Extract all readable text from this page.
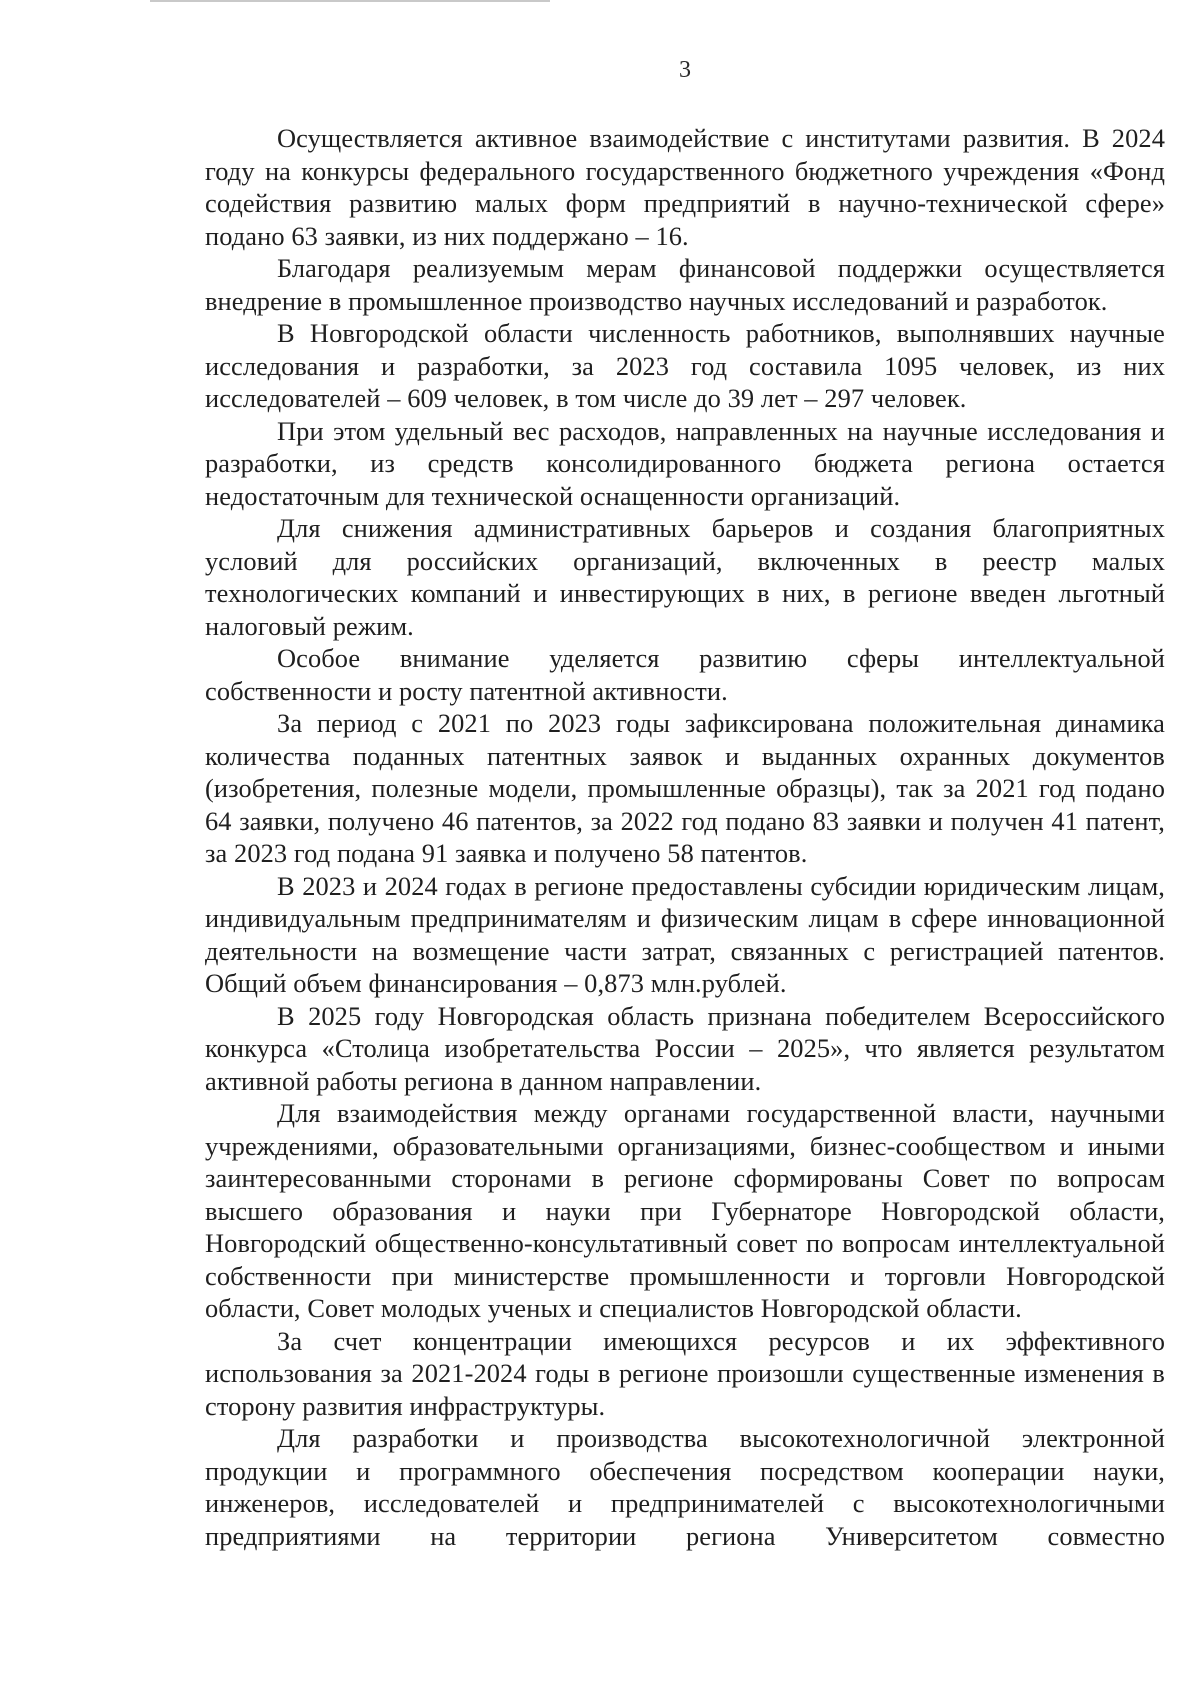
3

Осуществляется активное взаимодействие с институтами развития. В 2024 году на конкурсы федерального государственного бюджетного учреждения «Фонд содействия развитию малых форм предприятий в научно-технической сфере» подано 63 заявки, из них поддержано – 16.

Благодаря реализуемым мерам финансовой поддержки осуществляется внедрение в промышленное производство научных исследований и разработок.

В Новгородской области численность работников, выполнявших научные исследования и разработки, за 2023 год составила 1095 человек, из них исследователей – 609 человек, в том числе до 39 лет – 297 человек.

При этом удельный вес расходов, направленных на научные исследования и разработки, из средств консолидированного бюджета региона остается недостаточным для технической оснащенности организаций.

Для снижения административных барьеров и создания благоприятных условий для российских организаций, включенных в реестр малых технологических компаний и инвестирующих в них, в регионе введен льготный налоговый режим.

Особое внимание уделяется развитию сферы интеллектуальной собственности и росту патентной активности.

За период с 2021 по 2023 годы зафиксирована положительная динамика количества поданных патентных заявок и выданных охранных документов (изобретения, полезные модели, промышленные образцы), так за 2021 год подано 64 заявки, получено 46 патентов, за 2022 год подано 83 заявки и получен 41 патент, за 2023 год подана 91 заявка и получено 58 патентов.

В 2023 и 2024 годах в регионе предоставлены субсидии юридическим лицам, индивидуальным предпринимателям и физическим лицам в сфере инновационной деятельности на возмещение части затрат, связанных с регистрацией патентов. Общий объем финансирования – 0,873 млн.рублей.

В 2025 году Новгородская область признана победителем Всероссийского конкурса «Столица изобретательства России – 2025», что является результатом активной работы региона в данном направлении.

Для взаимодействия между органами государственной власти, научными учреждениями, образовательными организациями, бизнес-сообществом и иными заинтересованными сторонами в регионе сформированы Совет по вопросам высшего образования и науки при Губернаторе Новгородской области, Новгородский общественно-консультативный совет по вопросам интеллектуальной собственности при министерстве промышленности и торговли Новгородской области, Совет молодых ученых и специалистов Новгородской области.

За счет концентрации имеющихся ресурсов и их эффективного использования за 2021-2024 годы в регионе произошли существенные изменения в сторону развития инфраструктуры.

Для разработки и производства высокотехнологичной электронной продукции и программного обеспечения посредством кооперации науки, инженеров, исследователей и предпринимателей с высокотехнологичными предприятиями на территории региона Университетом совместно
